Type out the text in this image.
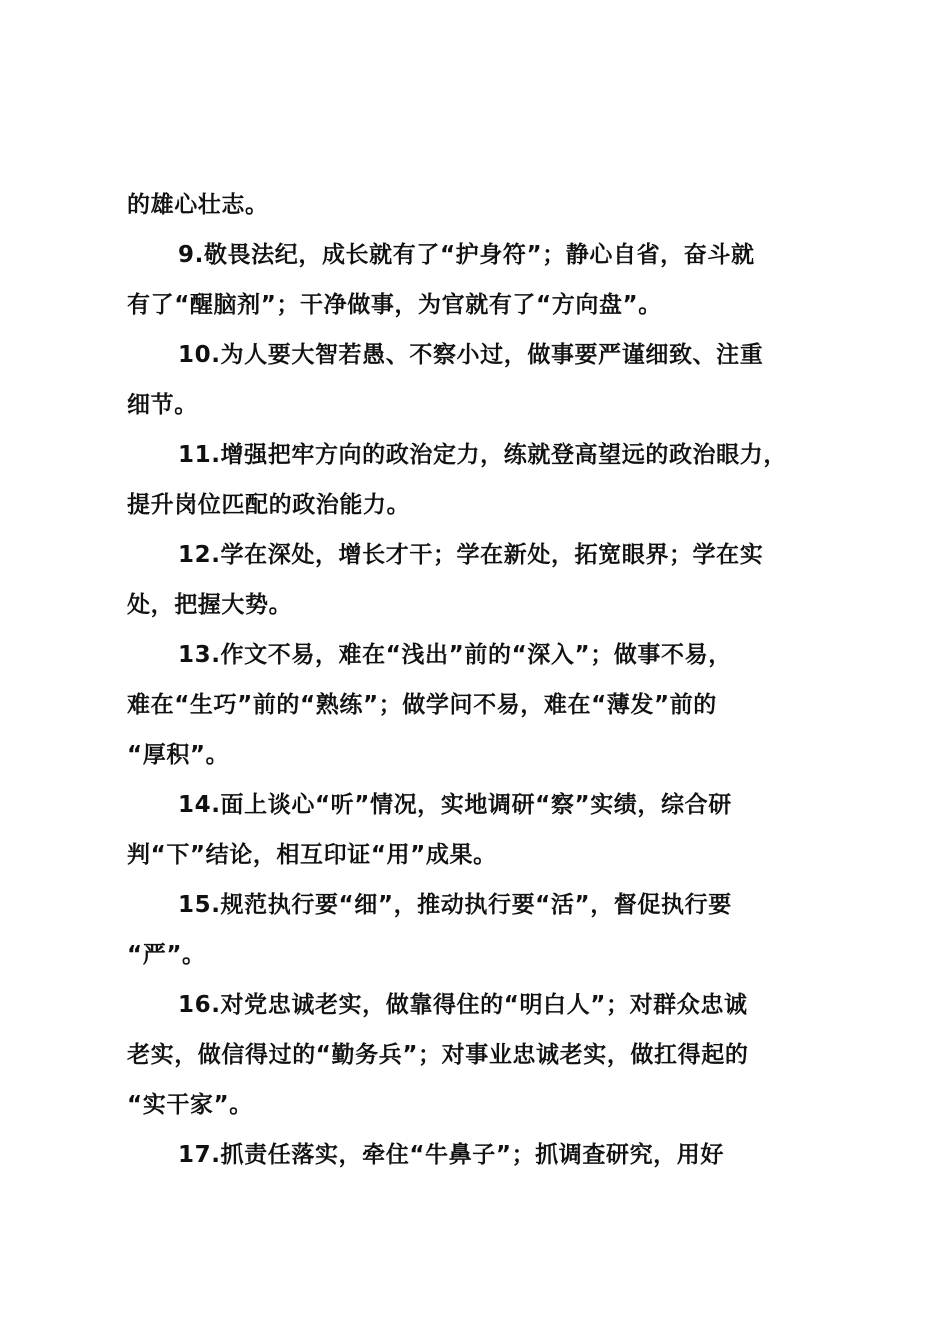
的雄心壮志。
9.敬畏法纪，成长就有了“护身符”；静心自省，奋斗就
有了“醒脑剂”；干净做事，为官就有了“方向盘”。
10.为人要大智若愚、不察小过，做事要严谨细致、注重
细节。
11.增强把牢方向的政治定力，练就登高望远的政治眼力，
提升岗位匹配的政治能力。
12.学在深处，增长才干；学在新处，拓宽眼界；学在实
处，把握大势。
13.作文不易，难在“浅出”前的“深入”；做事不易，
难在“生巧”前的“熟练”；做学问不易，难在“薄发”前的
“厚积”。
14.面上谈心“听”情况，实地调研“察”实绩，综合研
判“下”结论，相互印证“用”成果。
15.规范执行要“细”，推动执行要“活”，督促执行要
“严”。
16.对党忠诚老实，做靠得住的“明白人”；对群众忠诚
老实，做信得过的“勤务兵”；对事业忠诚老实，做扛得起的
“实干家”。
17.抓责任落实，牵住“牛鼻子”；抓调查研究，用好
